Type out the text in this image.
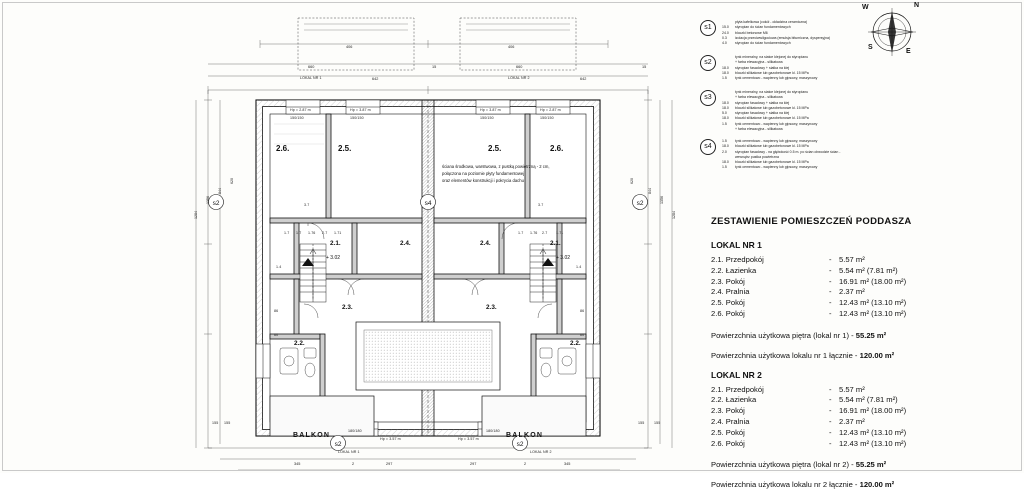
s2	s2
s4
s2	s2
2.6.	2.5.	2.5.	2.6.
2.1.	2.4.	2.4.	2.1.
2.3.	2.3.
2.2.	2.2.
+ 3.02	+ 3.02
BALKON	BALKON
ściana środkowa, warstwowa, z pustką powietrzną - 2 cm,
połączona na poziomie płyty fundamentowej
oraz elementów konstrukcji i pokrycia dachu
406	406
660	15	660	15
LOKAL NR 1	642	LOKAL NR 2	642
Hp = 2.87 m	Hp = 3.87 m	Hp = 3.87 m	Hp = 2.87 m
150/150	150/150	150/150	150/150
1356
844
620
1284
620
844
1356
1284
Hp = 3.57 m	Hp = 3.57 m
180/180	180/180
LOKAL NR 1	LOKAL NR 2
345	2	297	297	2	345
155 155	155	155
1.7 1.7 1.76 2.7 1.71	1.7 1.76 2.7 1.71
60	60
86	86
3.7	3.7
1.4	1.4
N
S
E
W
s1
płyta kafelkowa (cokół - okładzina ceramiczna)
15.0 styropian do ścian fundamentowych
24.0 bloczki betonowe M6
0.3 izolacja przeciwwilgociowa (emulsja bitumiczna, dyspersyjna)
4.0 styropian do ścian fundamentowych
s2
tynk mineralny, na siatce klejonej do styropianu
+ farba elewacyjna - silikatowa
18.0 styropian fasadowy + siatka na klej
18.0 bloczki silikatowe lub gazobetonowe kl. 15 MPa
1.5 tynk cementowo - wapienny lub gipsowy, maszynowy
s3
tynk mineralny, na siatce klejonej do styropianu
+ farba elewacyjna - silikatowa
18.0 styropian fasadowy + siatka na klej
18.0 bloczki silikatowe lub gazobetonowe kl. 15 MPa
5.0 styropian fasadowy + siatka na klej
18.0 bloczki silikatowe lub gazobetonowe kl. 15 MPa
1.5 tynk cementowo - wapienny lub gipsowy, maszynowy
+ farba elewacyjna - silikatowa
s4
1.5 tynk cementowo - wapienny lub gipsowy, maszynowy
18.0 bloczki silikatowe lub gazobetonowe kl. 15 MPa
2.0 styropian fasadowy - na głębokość 0.5 m. po ścian obwodzie ścian -
wewnątrz pustka powietrzna
18.0 bloczki silikatowe lub gazobetonowe kl. 15 MPa
1.5 tynk cementowo - wapienny lub gipsowy, maszynowy
ZESTAWIENIE POMIESZCZEŃ PODDASZA
LOKAL NR 1
2.1. Przedpokój	- 5.57 m²
2.2. Łazienka	- 5.54 m² (7.81 m²)
2.3. Pokój	- 16.91 m² (18.00 m²)
2.4. Pralnia	- 2.37 m²
2.5. Pokój	- 12.43 m² (13.10 m²)
2.6. Pokój	- 12.43 m² (13.10 m²)
Powierzchnia użytkowa piętra (lokal nr 1) - 55.25 m²
Powierzchnia użytkowa lokalu nr 1 łącznie - 120.00 m²
LOKAL NR 2
2.1. Przedpokój	- 5.57 m²
2.2. Łazienka	- 5.54 m² (7.81 m²)
2.3. Pokój	- 16.91 m² (18.00 m²)
2.4. Pralnia	- 2.37 m²
2.5. Pokój	- 12.43 m² (13.10 m²)
2.6. Pokój	- 12.43 m² (13.10 m²)
Powierzchnia użytkowa piętra (lokal nr 2) - 55.25 m²
Powierzchnia użytkowa lokalu nr 2 łącznie - 120.00 m²
